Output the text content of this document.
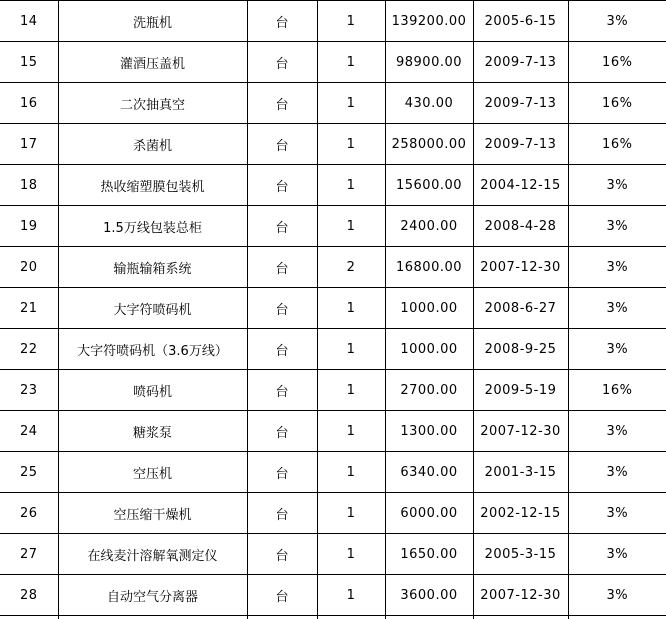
14	洗瓶机	台	1	139200.00	2005-6-15	3%
15	灌酒压盖机	台	1	98900.00	2009-7-13	16%
16	二次抽真空	台	1	430.00	2009-7-13	16%
17	杀菌机	台	1	258000.00	2009-7-13	16%
18	热收缩塑膜包装机	台	1	15600.00	2004-12-15	3%
19	1.5万线包装总柜	台	1	2400.00	2008-4-28	3%
20	输瓶输箱系统	台	2	16800.00	2007-12-30	3%
21	大字符喷码机	台	1	1000.00	2008-6-27	3%
22	大字符喷码机（3.6万线）	台	1	1000.00	2008-9-25	3%
23	喷码机	台	1	2700.00	2009-5-19	16%
24	糖浆泵	台	1	1300.00	2007-12-30	3%
25	空压机	台	1	6340.00	2001-3-15	3%
26	空压缩干燥机	台	1	6000.00	2002-12-15	3%
27	在线麦汁溶解氧测定仪	台	1	1650.00	2005-3-15	3%
28	自动空气分离器	台	1	3600.00	2007-12-30	3%
